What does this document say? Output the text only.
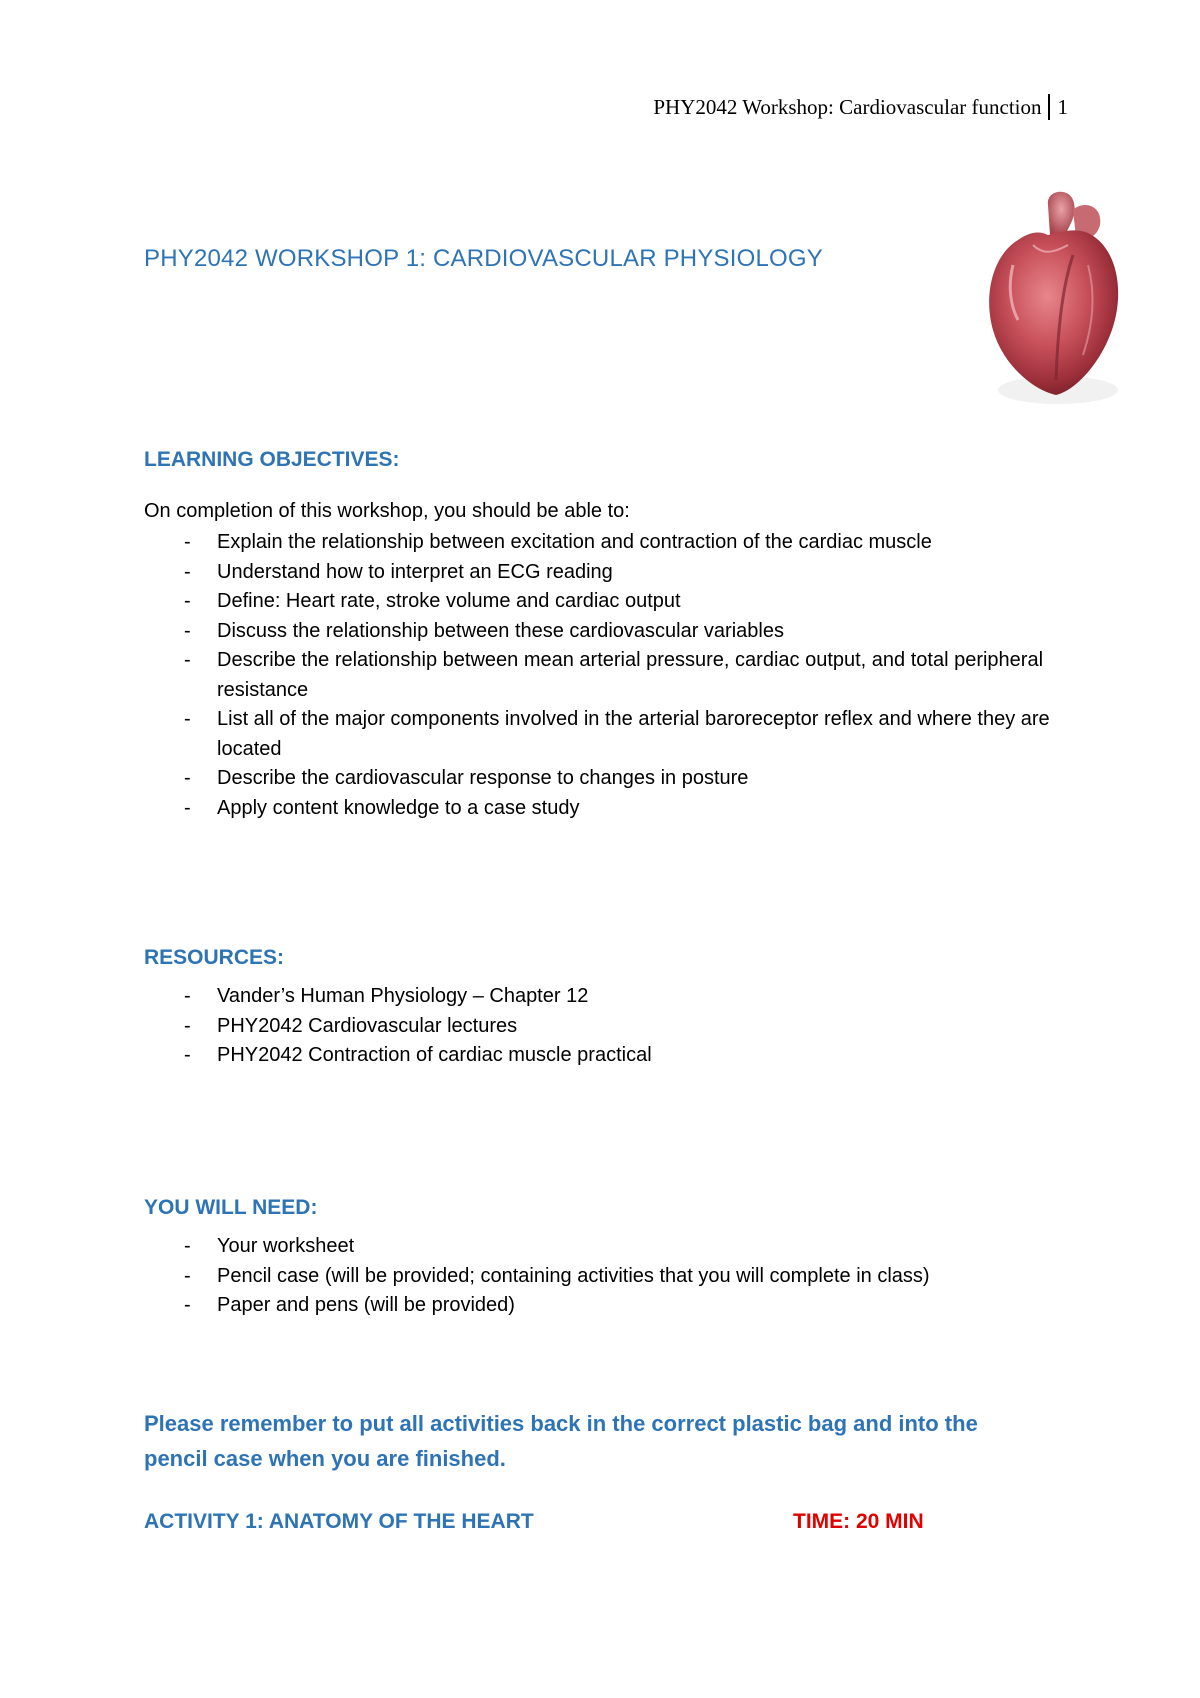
PHY2042 Workshop: Cardiovascular function 1
PHY2042 WORKSHOP 1: CARDIOVASCULAR PHYSIOLOGY
LEARNING OBJECTIVES:
On completion of this workshop, you should be able to:
- Explain the relationship between excitation and contraction of the cardiac muscle
- Understand how to interpret an ECG reading
- Define: Heart rate, stroke volume and cardiac output
- Discuss the relationship between these cardiovascular variables
- Describe the relationship between mean arterial pressure, cardiac output, and total peripheral resistance
- List all of the major components involved in the arterial baroreceptor reflex and where they are located
- Describe the cardiovascular response to changes in posture
- Apply content knowledge to a case study
RESOURCES:
- Vander’s Human Physiology – Chapter 12
- PHY2042 Cardiovascular lectures
- PHY2042 Contraction of cardiac muscle practical
YOU WILL NEED:
- Your worksheet
- Pencil case (will be provided; containing activities that you will complete in class)
- Paper and pens (will be provided)
Please remember to put all activities back in the correct plastic bag and into the pencil case when you are finished.
ACTIVITY 1: ANATOMY OF THE HEART	TIME: 20 MIN
